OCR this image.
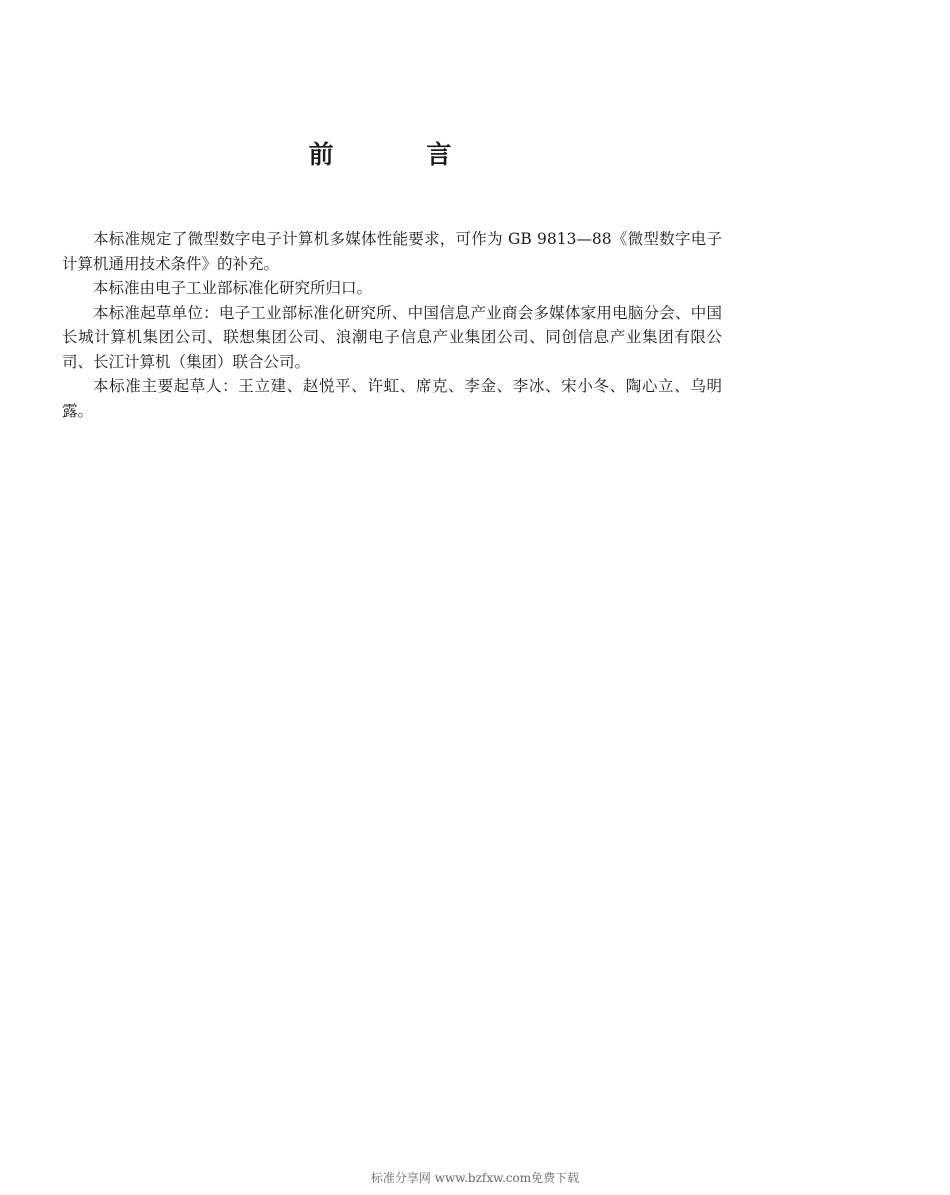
前 言

本标准规定了微型数字电子计算机多媒体性能要求，可作为 GB 9813—88《微型数字电子计算机通用技术条件》的补充。

本标准由电子工业部标准化研究所归口。

本标准起草单位：电子工业部标准化研究所、中国信息产业商会多媒体家用电脑分会、中国长城计算机集团公司、联想集团公司、浪潮电子信息产业集团公司、同创信息产业集团有限公司、长江计算机（集团）联合公司。

本标准主要起草人：王立建、赵悦平、许虹、席克、李金、李冰、宋小冬、陶心立、乌明露。

标准分享网 www.bzfxw.com免费下载
